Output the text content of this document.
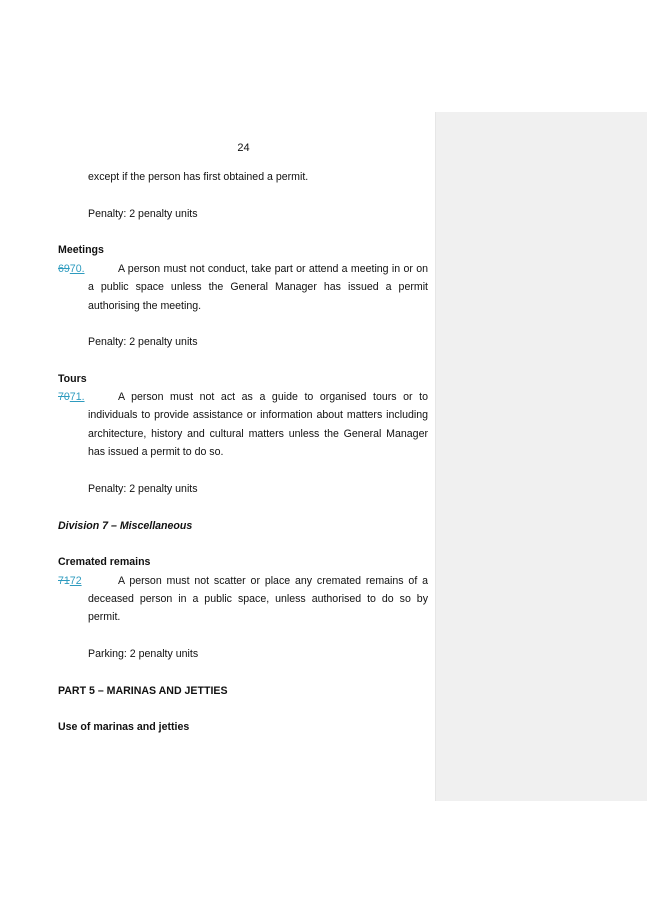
24
except if the person has first obtained a permit.
Penalty: 2 penalty units
Meetings
6970.	A person must not conduct, take part or attend a meeting in or on
a public space unless the General Manager has issued a permit
authorising the meeting.
Penalty: 2 penalty units
Tours
7071.	A person must not act as a guide to organised tours or to
individuals to provide assistance or information about matters including
architecture, history and cultural matters unless the General Manager
has issued a permit to do so.
Penalty: 2 penalty units
Division 7 – Miscellaneous
Cremated remains
7172	A person must not scatter or place any cremated remains of a
deceased person in a public space, unless authorised to do so by
permit.
Parking: 2 penalty units
PART 5 – MARINAS AND JETTIES
Use of marinas and jetties
